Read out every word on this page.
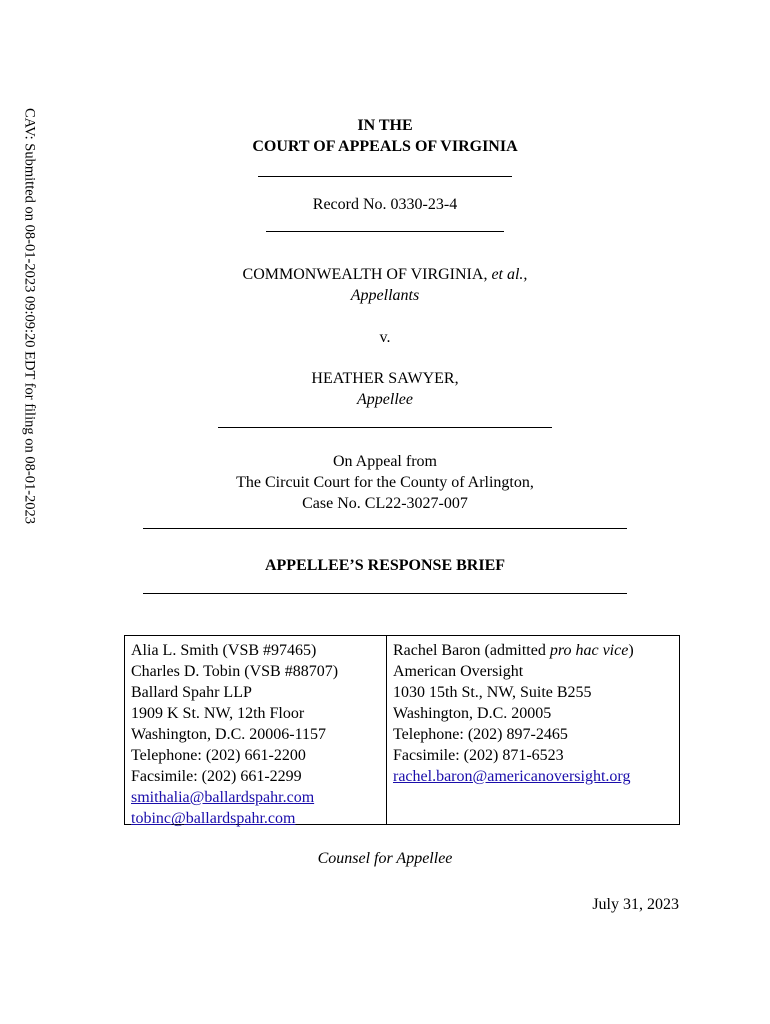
CAV: Submitted on 08-01-2023 09:09:20 EDT for filing on 08-01-2023	IN THE
COURT OF APPEALS OF VIRGINIA
Record No. 0330-23-4
COMMONWEALTH OF VIRGINIA, et al.,
Appellants
v.
HEATHER SAWYER,
Appellee
On Appeal from
The Circuit Court for the County of Arlington,
Case No. CL22-3027-007
APPELLEE’S RESPONSE BRIEF
Alia L. Smith (VSB #97465)
Charles D. Tobin (VSB #88707)
Ballard Spahr LLP
1909 K St. NW, 12th Floor
Washington, D.C. 20006-1157
Telephone: (202) 661-2200
Facsimile: (202) 661-2299
smithalia@ballardspahr.com
tobinc@ballardspahr.com
Rachel Baron (admitted pro hac vice)
American Oversight
1030 15th St., NW, Suite B255
Washington, D.C. 20005
Telephone: (202) 897-2465
Facsimile: (202) 871-6523
rachel.baron@americanoversight.org
Counsel for Appellee
July 31, 2023
